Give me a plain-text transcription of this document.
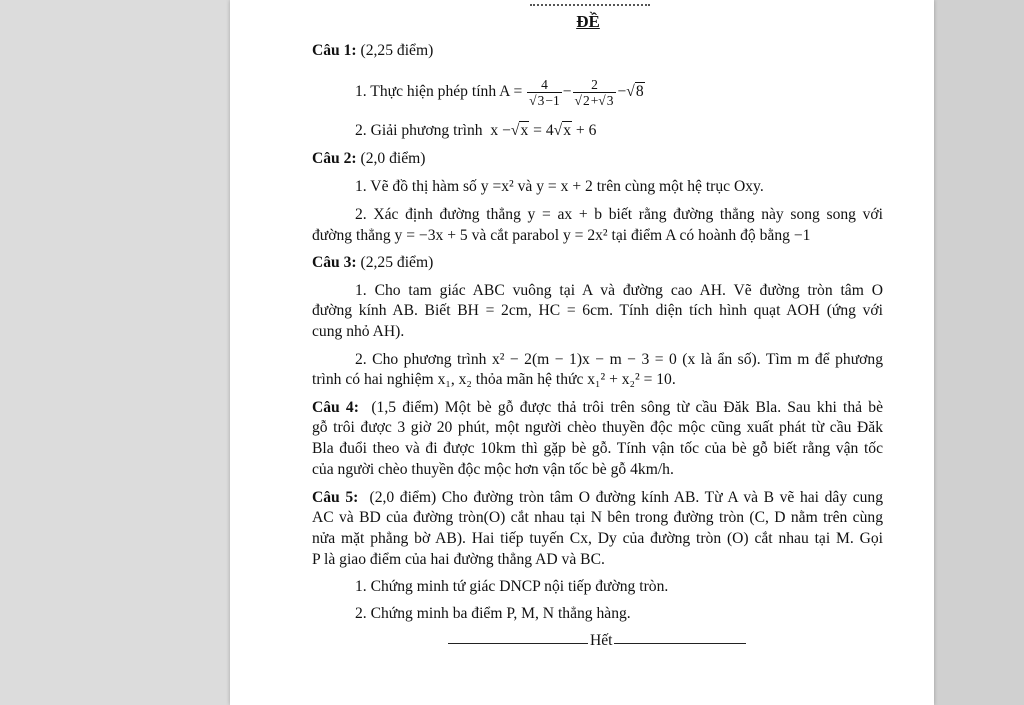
ĐỀ
Câu 1: (2,25 điểm)
1. Thực hiện phép tính $A = \frac{4}{√3-1} - \frac{2}{√2+√3} -√8$
2. Giải phương trình x −√x = 4√x + 6
Câu 2: (2,0 điểm)
1. Vẽ đồ thị hàm số y =x² và y = x + 2 trên cùng một hệ trục Oxy.
2. Xác định đường thẳng y = ax + b biết rằng đường thẳng này song song với
đường thẳng y = −3x + 5 và cắt parabol y = 2x² tại điểm A có hoành độ bằng −1
Câu 3: (2,25 điểm)
1. Cho tam giác ABC vuông tại A và đường cao AH. Vẽ đường tròn tâm O
đường kính AB. Biết BH = 2cm, HC = 6cm. Tính diện tích hình quạt AOH (ứng với
cung nhỏ AH).
2. Cho phương trình x² − 2(m − 1)x − m − 3 = 0 (x là ẩn số). Tìm m để phương
trình có hai nghiệm x₁, x₂ thỏa mãn hệ thức x₁² + x₂² = 10.
Câu 4: (1,5 điểm) Một bè gỗ được thả trôi trên sông từ cầu Đăk Bla. Sau khi thả bè
gỗ trôi được 3 giờ 20 phút, một người chèo thuyền độc mộc cũng xuất phát từ cầu Đăk
Bla đuổi theo và đi được 10km thì gặp bè gỗ. Tính vận tốc của bè gỗ biết rằng vận tốc
của người chèo thuyền độc mộc hơn vận tốc bè gỗ 4km/h.
Câu 5: (2,0 điểm) Cho đường tròn tâm O đường kính AB. Từ A và B vẽ hai dây cung
AC và BD của đường tròn(O) cắt nhau tại N bên trong đường tròn (C, D nằm trên cùng
nửa mặt phẳng bờ AB). Hai tiếp tuyến Cx, Dy của đường tròn (O) cắt nhau tại M. Gọi
P là giao điểm của hai đường thẳng AD và BC.
1. Chứng minh tứ giác DNCP nội tiếp đường tròn.
2. Chứng minh ba điểm P, M, N thẳng hàng.
Hết
